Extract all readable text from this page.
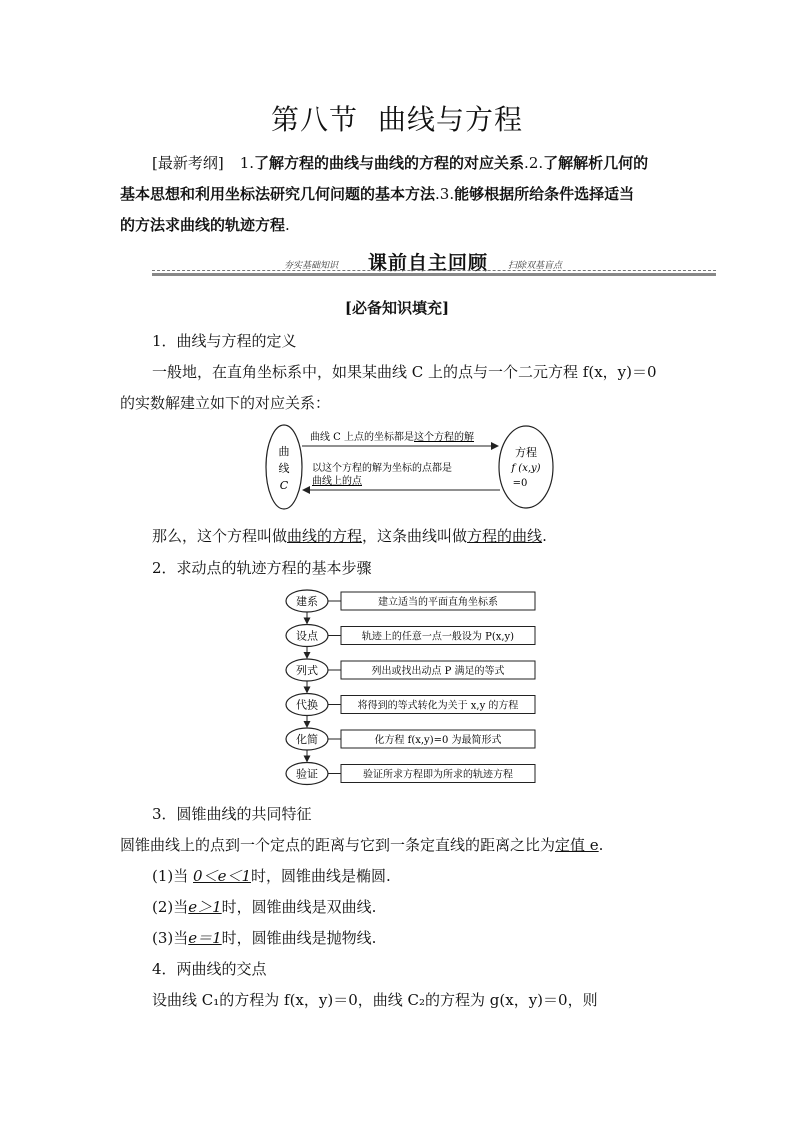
第八节 曲线与方程
[最新考纲] 1.了解方程的曲线与曲线的方程的对应关系.2.了解解析几何的
基本思想和利用坐标法研究几何问题的基本方法.3.能够根据所给条件选择适当
的方法求曲线的轨迹方程.
夯实基础知识 课前自主回顾 扫除双基盲点
[必备知识填充]
1．曲线与方程的定义
一般地，在直角坐标系中，如果某曲线 C 上的点与一个二元方程 f(x，y)＝0
的实数解建立如下的对应关系：
曲
线
C
方程
f (x,y)
=0
曲线 C 上点的坐标都是这个方程的解
以这个方程的解为坐标的点都是
曲线上的点
那么，这个方程叫做曲线的方程，这条曲线叫做方程的曲线.
2．求动点的轨迹方程的基本步骤
建系	建立适当的平面直角坐标系
设点	轨迹上的任意一点一般设为 P(x,y)
列式	列出或找出动点 P 满足的等式
代换	将得到的等式转化为关于 x,y 的方程
化简	化方程 f(x,y)=0 为最简形式
验证	验证所求方程即为所求的轨迹方程
3．圆锥曲线的共同特征
圆锥曲线上的点到一个定点的距离与它到一条定直线的距离之比为定值 e.
(1)当 0＜e＜1时，圆锥曲线是椭圆.
(2)当e＞1时，圆锥曲线是双曲线.
(3)当e＝1时，圆锥曲线是抛物线.
4．两曲线的交点
设曲线 C₁的方程为 f(x，y)＝0，曲线 C₂的方程为 g(x，y)＝0，则
